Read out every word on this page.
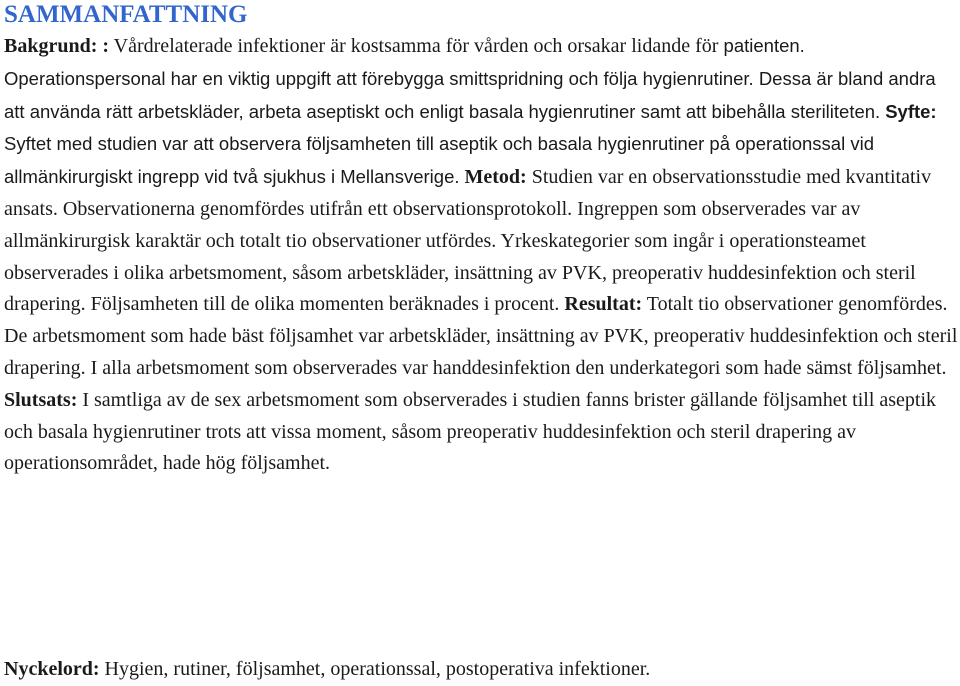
SAMMANFATTNING

Bakgrund: : Vårdrelaterade infektioner är kostsamma för vården och orsakar lidande för patienten. Operationspersonal har en viktig uppgift att förebygga smittspridning och följa hygienrutiner. Dessa är bland andra att använda rätt arbetskläder, arbeta aseptiskt och enligt basala hygienrutiner samt att bibehålla steriliteten. Syfte: Syftet med studien var att observera följsamheten till aseptik och basala hygienrutiner på operationssal vid allmänkirurgiskt ingrepp vid två sjukhus i Mellansverige. Metod: Studien var en observationsstudie med kvantitativ ansats. Observationerna genomfördes utifrån ett observationsprotokoll. Ingreppen som observerades var av allmänkirurgisk karaktär och totalt tio observationer utfördes. Yrkeskategorier som ingår i operationsteamet observerades i olika arbetsmoment, såsom arbetskläder, insättning av PVK, preoperativ huddesinfektion och steril drapering. Följsamheten till de olika momenten beräknades i procent. Resultat: Totalt tio observationer genomfördes. De arbetsmoment som hade bäst följsamhet var arbetskläder, insättning av PVK, preoperativ huddesinfektion och steril drapering. I alla arbetsmoment som observerades var handdesinfektion den underkategori som hade sämst följsamhet. Slutsats: I samtliga av de sex arbetsmoment som observerades i studien fanns brister gällande följsamhet till aseptik och basala hygienrutiner trots att vissa moment, såsom preoperativ huddesinfektion och steril drapering av operationsområdet, hade hög följsamhet.

Nyckelord: Hygien, rutiner, följsamhet, operationssal, postoperativa infektioner.
